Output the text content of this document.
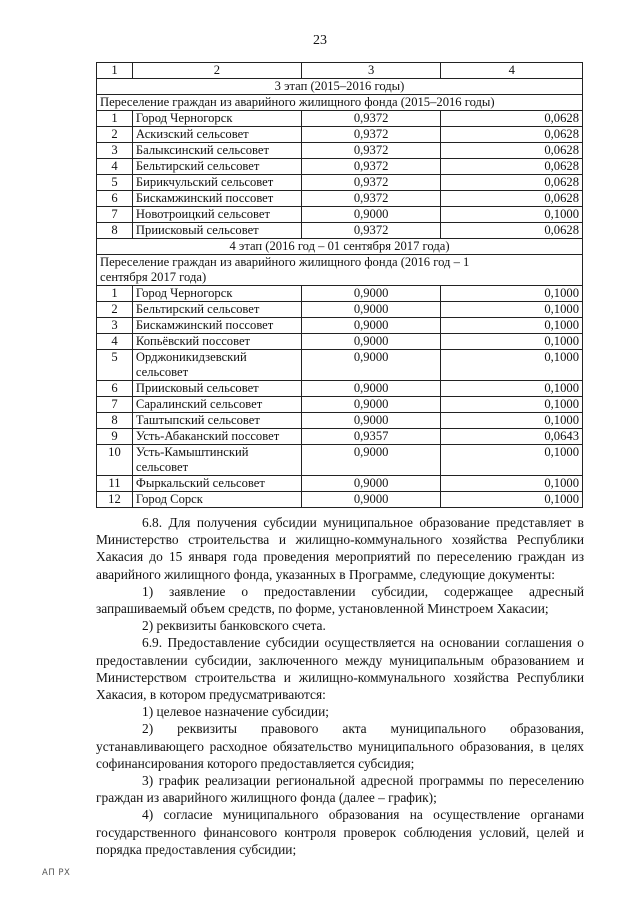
23
1	2	3	4
3 этап (2015–2016 годы)			
Переселение граждан из аварийного жилищного фонда (2015–2016 годы)			
1	Город Черногорск	0,9372	0,0628
2	Аскизский сельсовет	0,9372	0,0628
3	Балыксинский сельсовет	0,9372	0,0628
4	Бельтирский сельсовет	0,9372	0,0628
5	Бирикчульский сельсовет	0,9372	0,0628
6	Бискамжинский поссовет	0,9372	0,0628
7	Новотроицкий сельсовет	0,9000	0,1000
8	Приисковый сельсовет	0,9372	0,0628
4 этап (2016 год – 01 сентября 2017 года)			
Переселение граждан из аварийного жилищного фонда (2016 год – 1 сентября 2017 года)			
1	Город Черногорск	0,9000	0,1000
2	Бельтирский сельсовет	0,9000	0,1000
3	Бискамжинский поссовет	0,9000	0,1000
4	Копьёвский поссовет	0,9000	0,1000
5	Орджоникидзевский сельсовет	0,9000	0,1000
6	Приисковый сельсовет	0,9000	0,1000
7	Саралинский сельсовет	0,9000	0,1000
8	Таштыпский сельсовет	0,9000	0,1000
9	Усть-Абаканский поссовет	0,9357	0,0643
10	Усть-Камыштинский сельсовет	0,9000	0,1000
11	Фыркальский сельсовет	0,9000	0,1000
12	Город Сорск	0,9000	0,1000

6.8. Для получения субсидии муниципальное образование представляет в Министерство строительства и жилищно-коммунального хозяйства Республики Хакасия до 15 января года проведения мероприятий по переселению граждан из аварийного жилищного фонда, указанных в Программе, следующие документы:

1) заявление о предоставлении субсидии, содержащее адресный запрашиваемый объем средств, по форме, установленной Минстроем Хакасии;

2) реквизиты банковского счета.

6.9. Предоставление субсидии осуществляется на основании соглашения о предоставлении субсидии, заключенного между муниципальным образованием и Министерством строительства и жилищно-коммунального хозяйства Республики Хакасия, в котором предусматриваются:

1) целевое назначение субсидии;

2) реквизиты правового акта муниципального образования, устанавливающего расходное обязательство муниципального образования, в целях софинансирования которого предоставляется субсидия;

3) график реализации региональной адресной программы по переселению граждан из аварийного жилищного фонда (далее – график);

4) согласие муниципального образования на осуществление органами государственного финансового контроля проверок соблюдения условий, целей и порядка предоставления субсидии;

АП РХ
